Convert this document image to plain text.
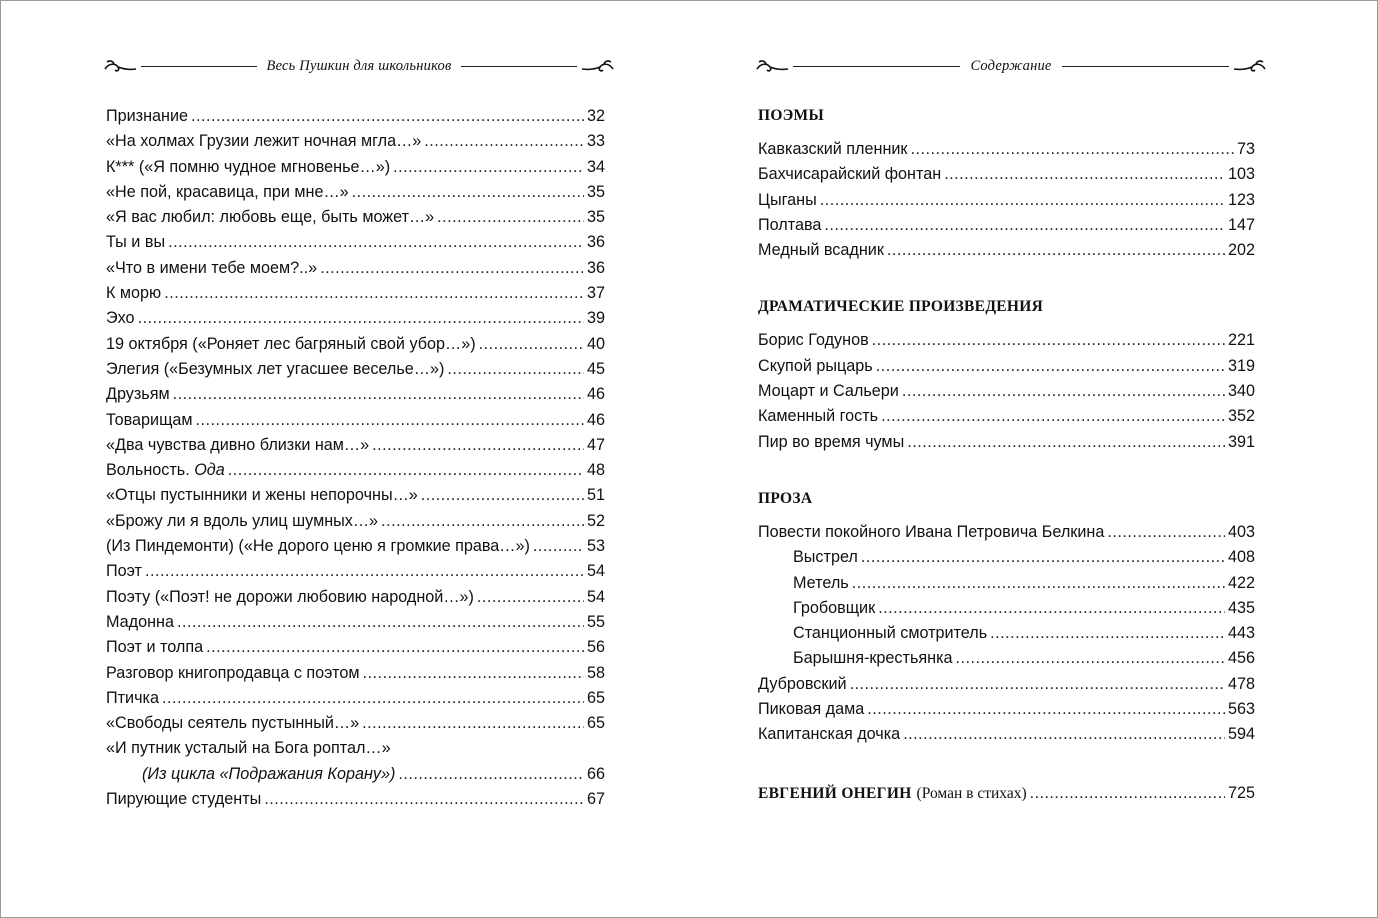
Весь Пушкин для школьников
Признание .....	32
«На холмах Грузии лежит ночная мгла…» .....	33
К*** («Я помню чудное мгновенье…») .....	34
«Не пой, красавица, при мне…» .....	35
«Я вас любил: любовь еще, быть может…» .....	35
Ты и вы .....	36
«Что в имени тебе моем?..» .....	36
К морю .....	37
Эхо .....	39
19 октября («Роняет лес багряный свой убор…») .....	40
Элегия («Безумных лет угасшее веселье…») .....	45
Друзьям .....	46
Товарищам .....	46
«Два чувства дивно близки нам…» .....	47
Вольность. Ода .....	48
«Отцы пустынники и жены непорочны…» .....	51
«Брожу ли я вдоль улиц шумных…» .....	52
(Из Пиндемонти) («Не дорого ценю я громкие права…») .....	53
Поэт .....	54
Поэту («Поэт! не дорожи любовию народной…») .....	54
Мадонна .....	55
Поэт и толпа .....	56
Разговор книгопродавца с поэтом .....	58
Птичка .....	65
«Свободы сеятель пустынный…» .....	65
«И путник усталый на Бога роптал…»
(Из цикла «Подражания Корану») .....	66
Пирующие студенты .....	67
Содержание
ПОЭМЫ
Кавказский пленник .....	73
Бахчисарайский фонтан .....	103
Цыганы .....	123
Полтава .....	147
Медный всадник .....	202
ДРАМАТИЧЕСКИЕ ПРОИЗВЕДЕНИЯ
Борис Годунов .....	221
Скупой рыцарь .....	319
Моцарт и Сальери .....	340
Каменный гость .....	352
Пир во время чумы .....	391
ПРОЗА
Повести покойного Ивана Петровича Белкина .....	403
Выстрел .....	408
Метель .....	422
Гробовщик .....	435
Станционный смотритель .....	443
Барышня-крестьянка .....	456
Дубровский .....	478
Пиковая дама .....	563
Капитанская дочка .....	594
ЕВГЕНИЙ ОНЕГИН (Роман в стихах) .....	725
